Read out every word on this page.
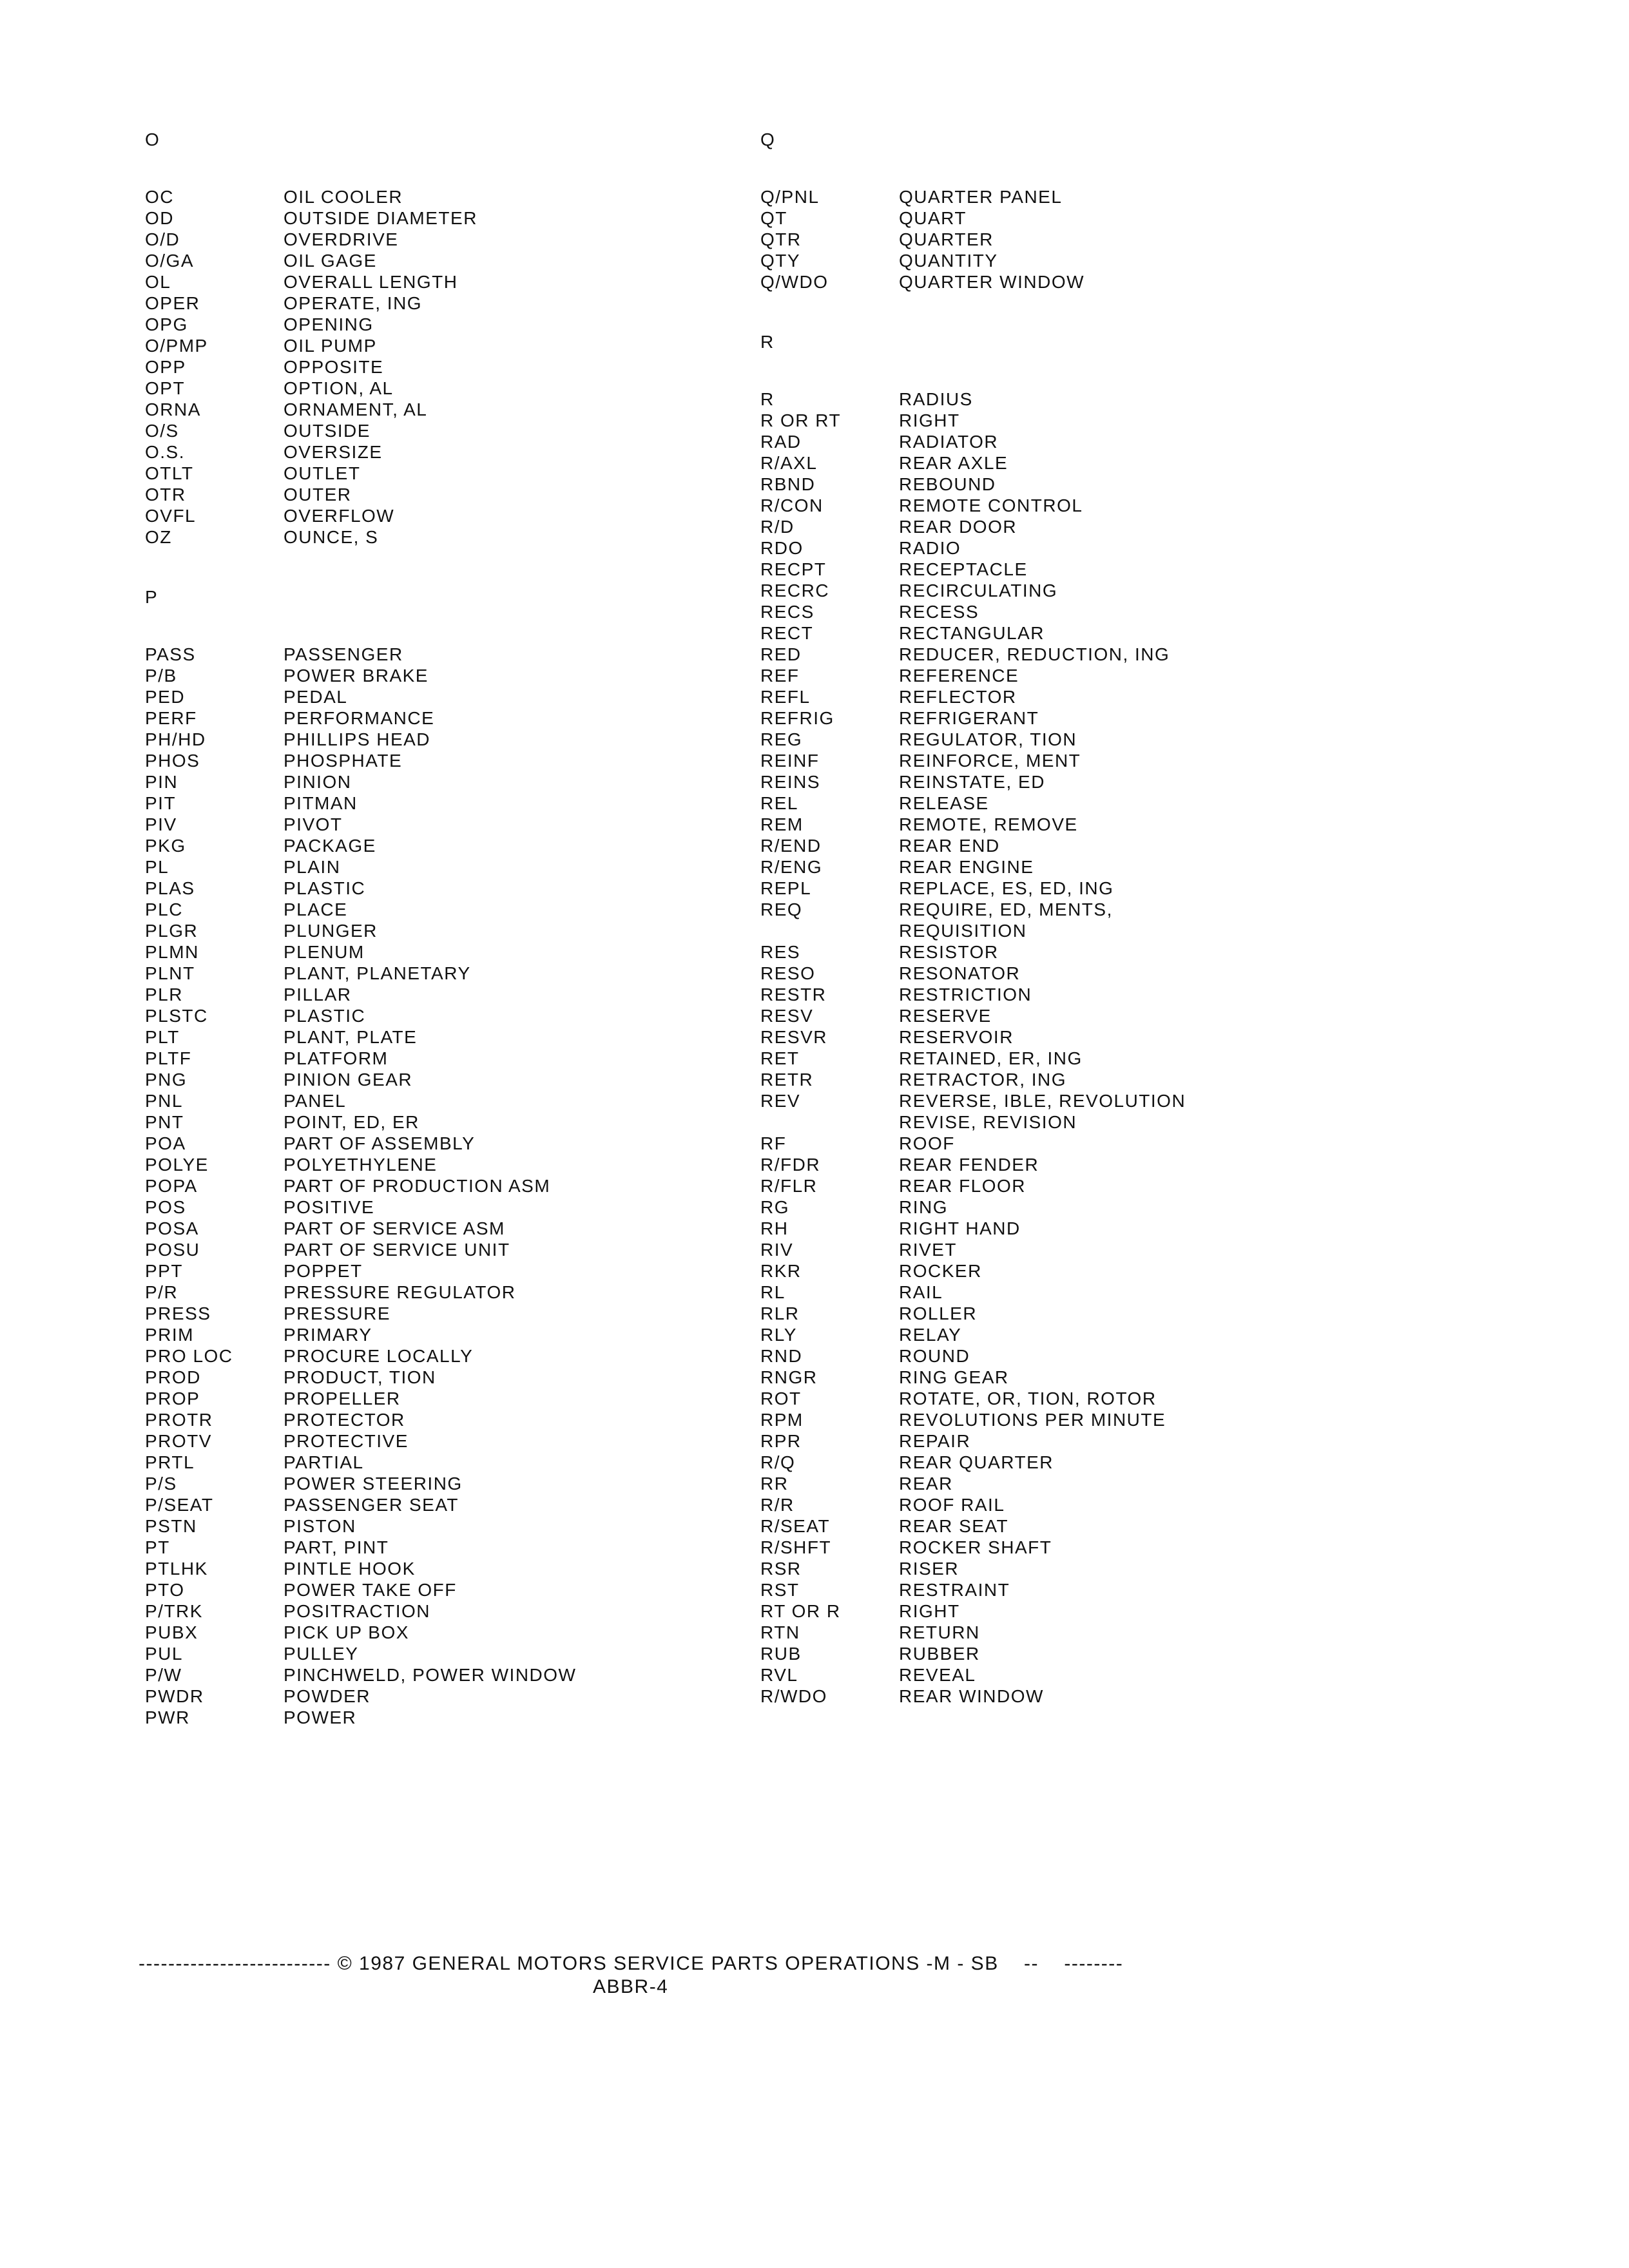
O
OC	OIL COOLER
OD	OUTSIDE DIAMETER
O/D	OVERDRIVE
O/GA	OIL GAGE
OL	OVERALL LENGTH
OPER	OPERATE, ING
OPG	OPENING
O/PMP	OIL PUMP
OPP	OPPOSITE
OPT	OPTION, AL
ORNA	ORNAMENT, AL
O/S	OUTSIDE
O.S.	OVERSIZE
OTLT	OUTLET
OTR	OUTER
OVFL	OVERFLOW
OZ	OUNCE, S
P
PASS	PASSENGER
P/B	POWER BRAKE
PED	PEDAL
PERF	PERFORMANCE
PH/HD	PHILLIPS HEAD
PHOS	PHOSPHATE
PIN	PINION
PIT	PITMAN
PIV	PIVOT
PKG	PACKAGE
PL	PLAIN
PLAS	PLASTIC
PLC	PLACE
PLGR	PLUNGER
PLMN	PLENUM
PLNT	PLANT, PLANETARY
PLR	PILLAR
PLSTC	PLASTIC
PLT	PLANT, PLATE
PLTF	PLATFORM
PNG	PINION GEAR
PNL	PANEL
PNT	POINT, ED, ER
POA	PART OF ASSEMBLY
POLYE	POLYETHYLENE
POPA	PART OF PRODUCTION ASM
POS	POSITIVE
POSA	PART OF SERVICE ASM
POSU	PART OF SERVICE UNIT
PPT	POPPET
P/R	PRESSURE REGULATOR
PRESS	PRESSURE
PRIM	PRIMARY
PRO LOC	PROCURE LOCALLY
PROD	PRODUCT, TION
PROP	PROPELLER
PROTR	PROTECTOR
PROTV	PROTECTIVE
PRTL	PARTIAL
P/S	POWER STEERING
P/SEAT	PASSENGER SEAT
PSTN	PISTON
PT	PART, PINT
PTLHK	PINTLE HOOK
PTO	POWER TAKE OFF
P/TRK	POSITRACTION
PUBX	PICK UP BOX
PUL	PULLEY
P/W	PINCHWELD, POWER WINDOW
PWDR	POWDER
PWR	POWER
Q
Q/PNL	QUARTER PANEL
QT	QUART
QTR	QUARTER
QTY	QUANTITY
Q/WDO	QUARTER WINDOW
R
R	RADIUS
R OR RT	RIGHT
RAD	RADIATOR
R/AXL	REAR AXLE
RBND	REBOUND
R/CON	REMOTE CONTROL
R/D	REAR DOOR
RDO	RADIO
RECPT	RECEPTACLE
RECRC	RECIRCULATING
RECS	RECESS
RECT	RECTANGULAR
RED	REDUCER, REDUCTION, ING
REF	REFERENCE
REFL	REFLECTOR
REFRIG	REFRIGERANT
REG	REGULATOR, TION
REINF	REINFORCE, MENT
REINS	REINSTATE, ED
REL	RELEASE
REM	REMOTE, REMOVE
R/END	REAR END
R/ENG	REAR ENGINE
REPL	REPLACE, ES, ED, ING
REQ	REQUIRE, ED, MENTS,
REQUISITION
RES	RESISTOR
RESO	RESONATOR
RESTR	RESTRICTION
RESV	RESERVE
RESVR	RESERVOIR
RET	RETAINED, ER, ING
RETR	RETRACTOR, ING
REV	REVERSE, IBLE, REVOLUTION
REVISE, REVISION
RF	ROOF
R/FDR	REAR FENDER
R/FLR	REAR FLOOR
RG	RING
RH	RIGHT HAND
RIV	RIVET
RKR	ROCKER
RL	RAIL
RLR	ROLLER
RLY	RELAY
RND	ROUND
RNGR	RING GEAR
ROT	ROTATE, OR, TION, ROTOR
RPM	REVOLUTIONS PER MINUTE
RPR	REPAIR
R/Q	REAR QUARTER
RR	REAR
R/R	ROOF RAIL
R/SEAT	REAR SEAT
R/SHFT	ROCKER SHAFT
RSR	RISER
RST	RESTRAINT
RT OR R	RIGHT
RTN	RETURN
RUB	RUBBER
RVL	REVEAL
R/WDO	REAR WINDOW
-------------------------- © 1987 GENERAL MOTORS SERVICE PARTS OPERATIONS -M - SB    --    --------
ABBR-4
